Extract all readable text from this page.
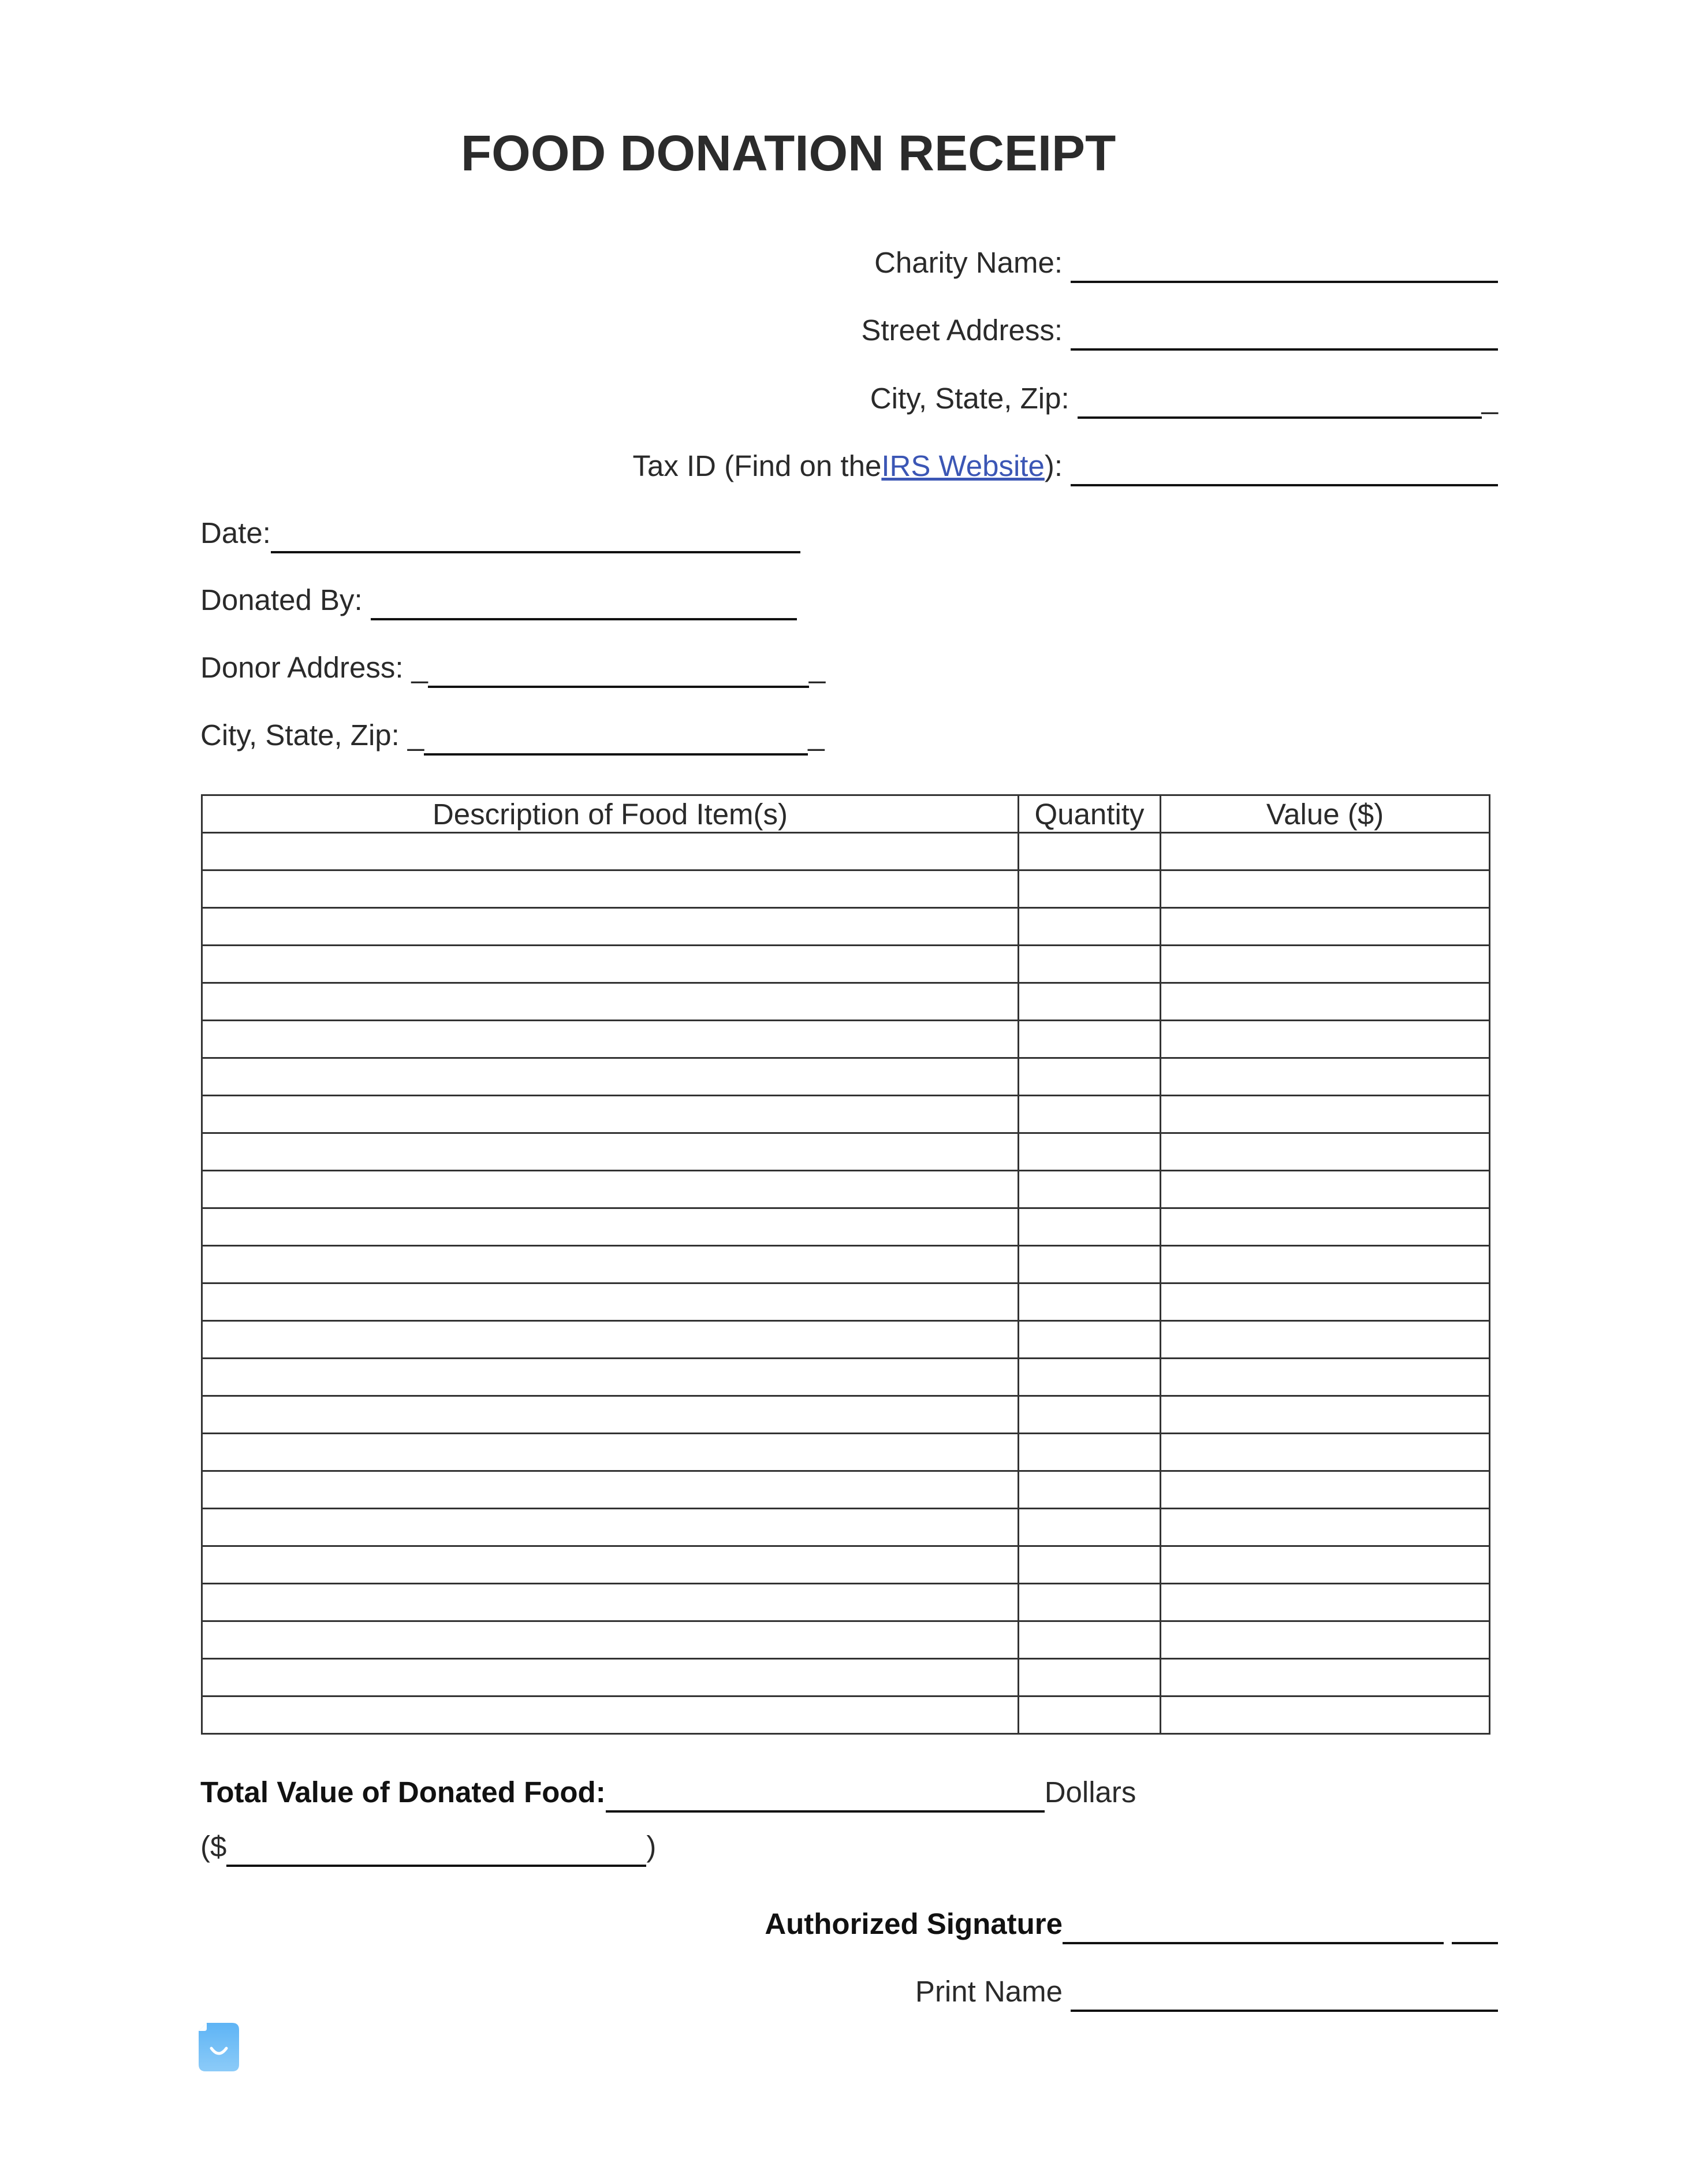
FOOD DONATION RECEIPT
Charity Name:
Street Address:
City, State, Zip:	_
Tax ID (Find on the IRS Website ):
Date:
Donated By:
Donor Address: _	_
City, State, Zip: _	_
Description of Food Item(s)	Quantity	Value ($)

Total Value of Donated Food:	Dollars
($	)
Authorized Signature
Print Name
